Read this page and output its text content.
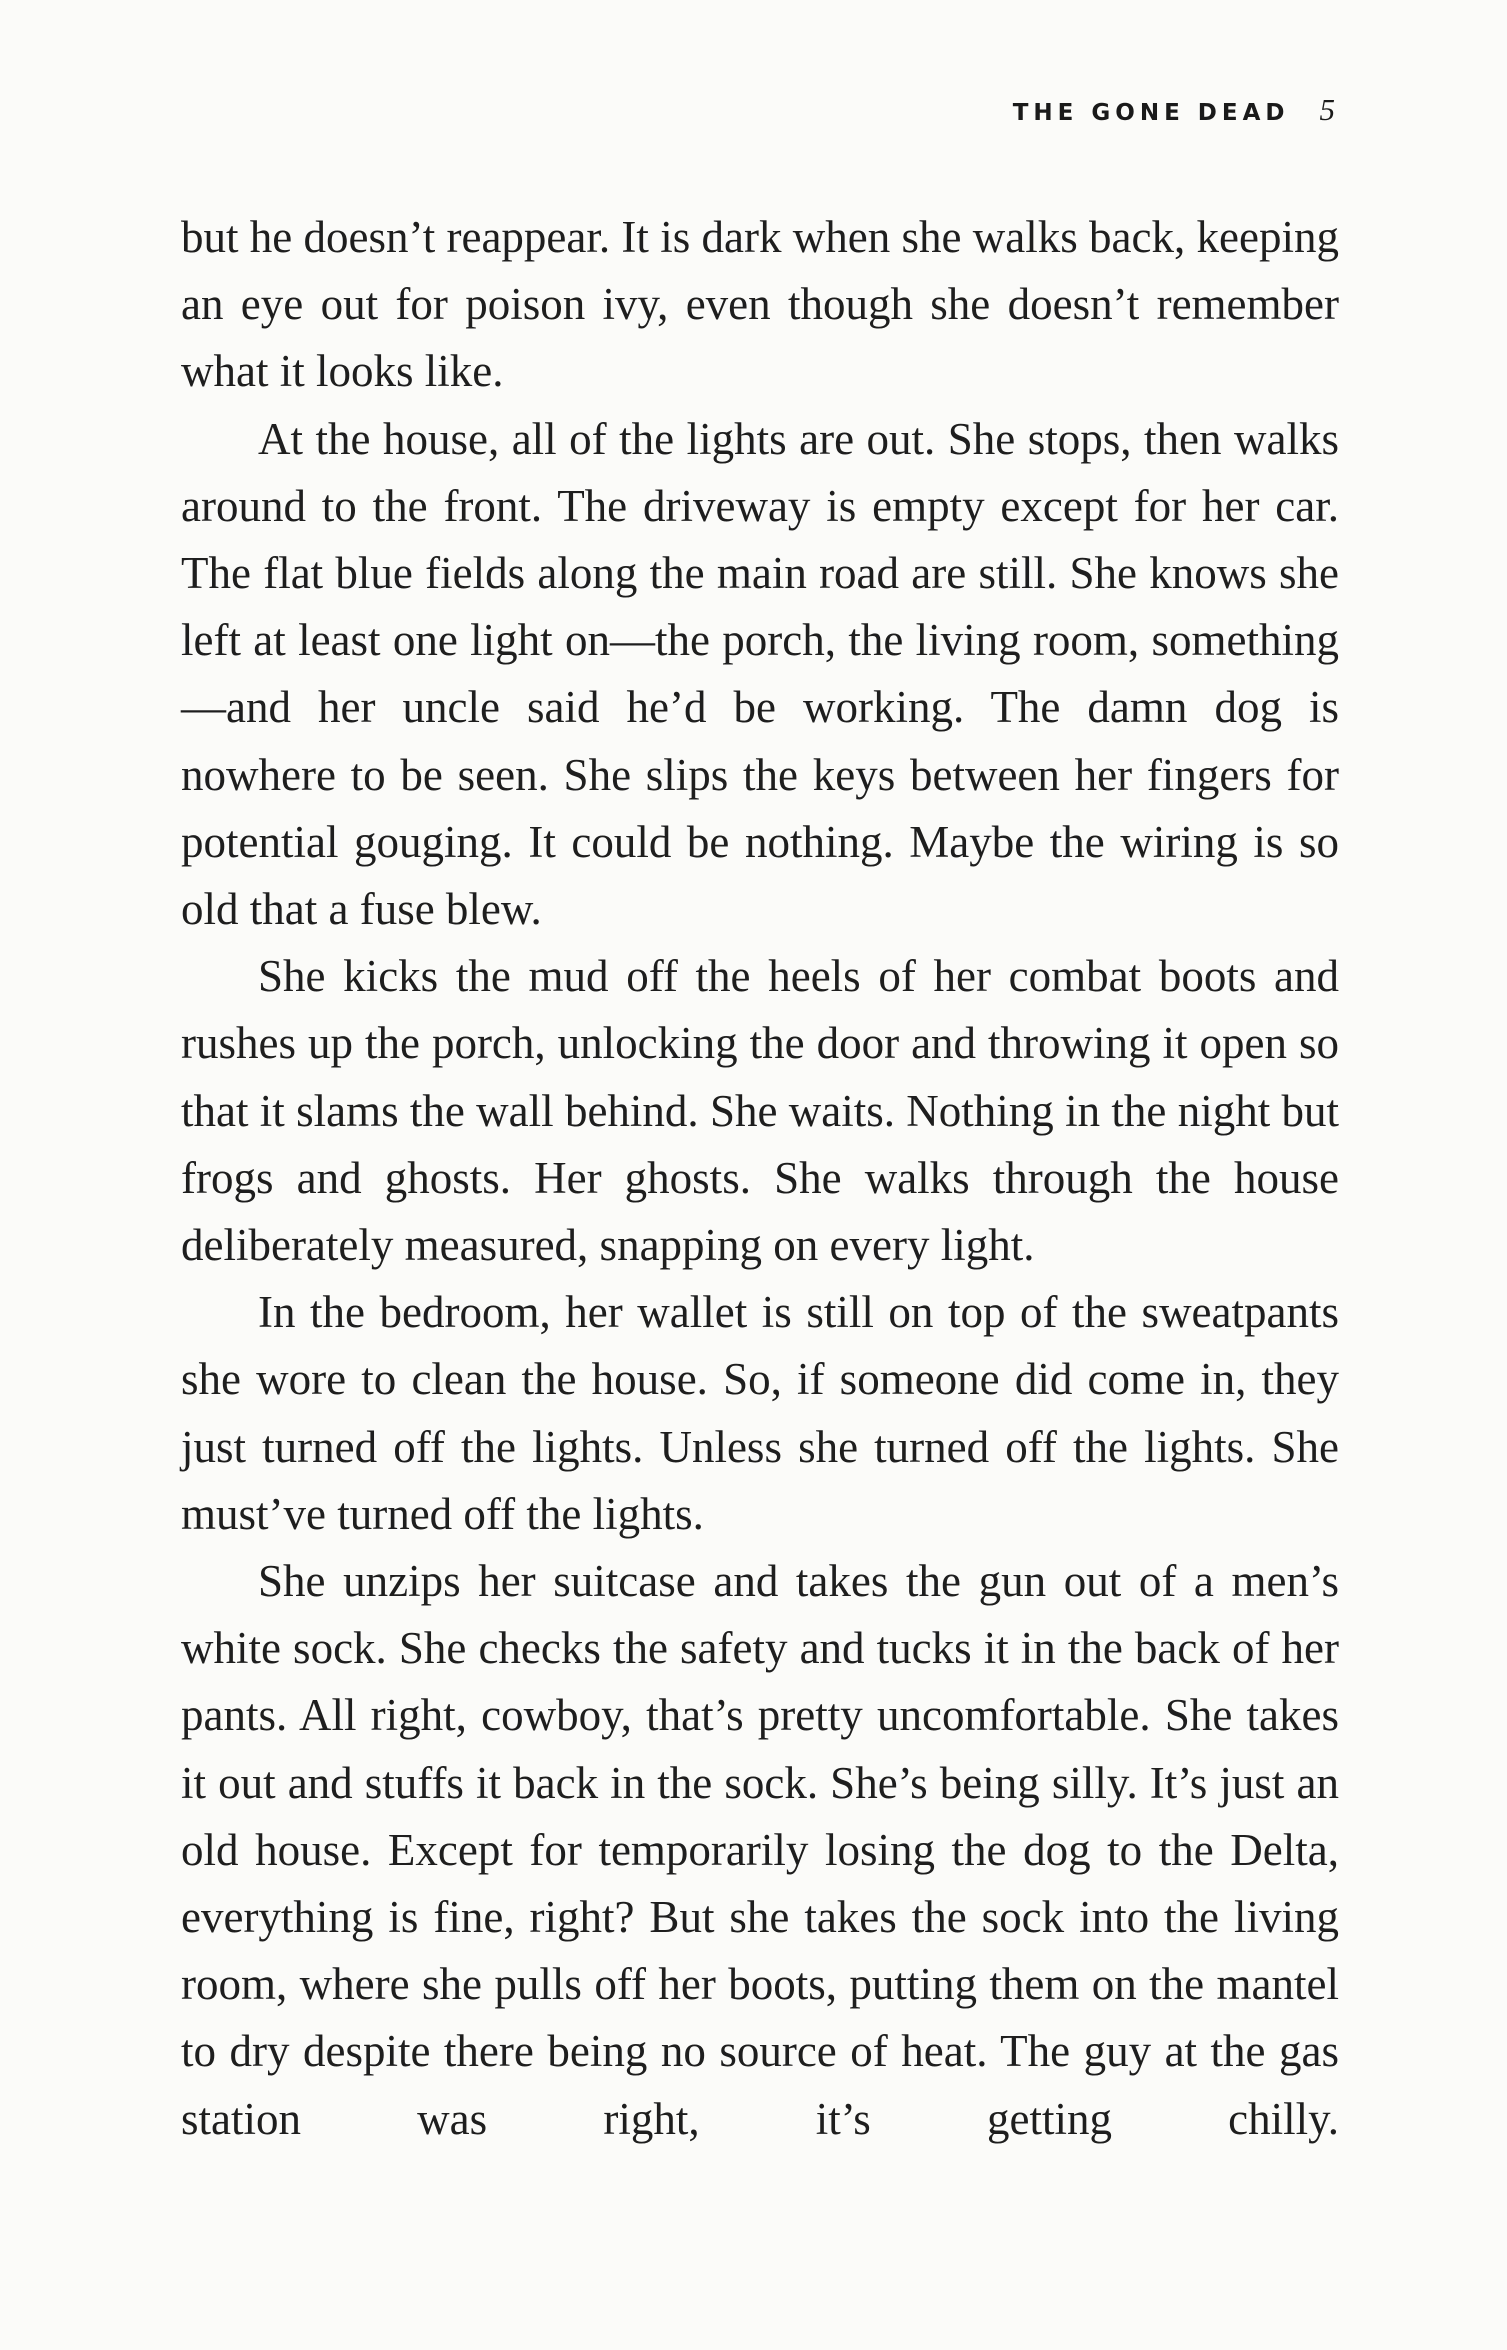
THE GONE DEAD 5

but he doesn’t reappear. It is dark when she walks back, keeping an eye out for poison ivy, even though she doesn’t remember what it looks like.

At the house, all of the lights are out. She stops, then walks around to the front. The driveway is empty except for her car. The flat blue fields along the main road are still. She knows she left at least one light on—the porch, the living room, something—and her uncle said he’d be working. The damn dog is nowhere to be seen. She slips the keys between her fingers for potential gouging. It could be nothing. Maybe the wiring is so old that a fuse blew.

She kicks the mud off the heels of her combat boots and rushes up the porch, unlocking the door and throwing it open so that it slams the wall behind. She waits. Nothing in the night but frogs and ghosts. Her ghosts. She walks through the house deliberately measured, snapping on every light.

In the bedroom, her wallet is still on top of the sweatpants she wore to clean the house. So, if someone did come in, they just turned off the lights. Unless she turned off the lights. She must’ve turned off the lights.

She unzips her suitcase and takes the gun out of a men’s white sock. She checks the safety and tucks it in the back of her pants. All right, cowboy, that’s pretty uncomfortable. She takes it out and stuffs it back in the sock. She’s being silly. It’s just an old house. Except for temporarily losing the dog to the Delta, everything is fine, right? But she takes the sock into the living room, where she pulls off her boots, putting them on the mantel to dry despite there being no source of heat. The guy at the gas station was right, it’s getting chilly.
